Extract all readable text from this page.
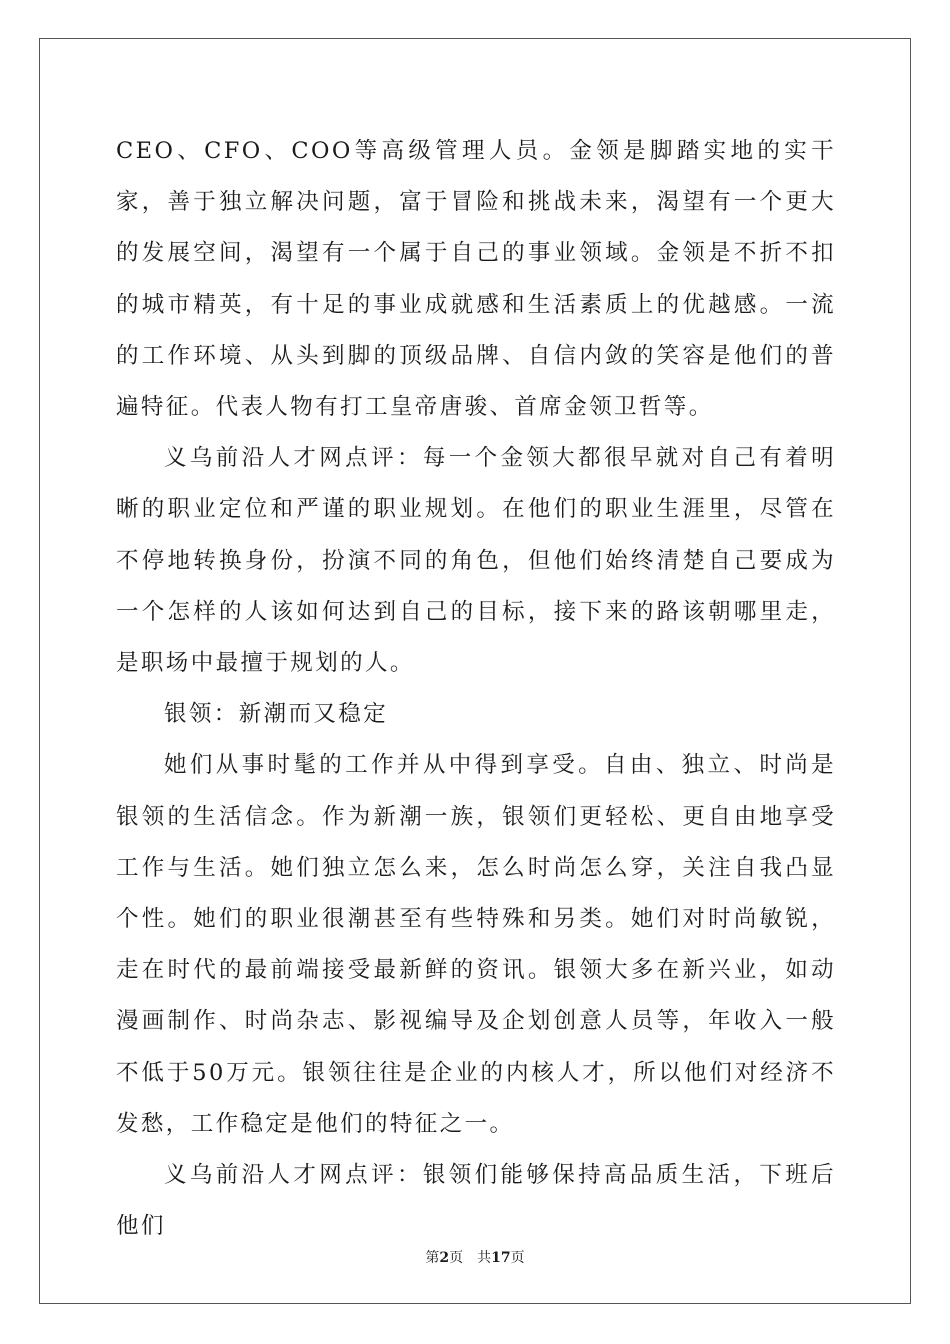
CEO、CFO、COO等高级管理人员。金领是脚踏实地的实干家，善于独立解决问题，富于冒险和挑战未来，渴望有一个更大的发展空间，渴望有一个属于自己的事业领域。金领是不折不扣的城市精英，有十足的事业成就感和生活素质上的优越感。一流的工作环境、从头到脚的顶级品牌、自信内敛的笑容是他们的普遍特征。代表人物有打工皇帝唐骏、首席金领卫哲等。

义乌前沿人才网点评：每一个金领大都很早就对自己有着明晰的职业定位和严谨的职业规划。在他们的职业生涯里，尽管在不停地转换身份，扮演不同的角色，但他们始终清楚自己要成为一个怎样的人该如何达到自己的目标，接下来的路该朝哪里走，是职场中最擅于规划的人。

银领：新潮而又稳定

她们从事时髦的工作并从中得到享受。自由、独立、时尚是银领的生活信念。作为新潮一族，银领们更轻松、更自由地享受工作与生活。她们独立怎么来，怎么时尚怎么穿，关注自我凸显个性。她们的职业很潮甚至有些特殊和另类。她们对时尚敏锐，走在时代的最前端接受最新鲜的资讯。银领大多在新兴业，如动漫画制作、时尚杂志、影视编导及企划创意人员等，年收入一般不低于50万元。银领往往是企业的内核人才，所以他们对经济不发愁，工作稳定是他们的特征之一。

义乌前沿人才网点评：银领们能够保持高品质生活，下班后他们

第2页 共17页
